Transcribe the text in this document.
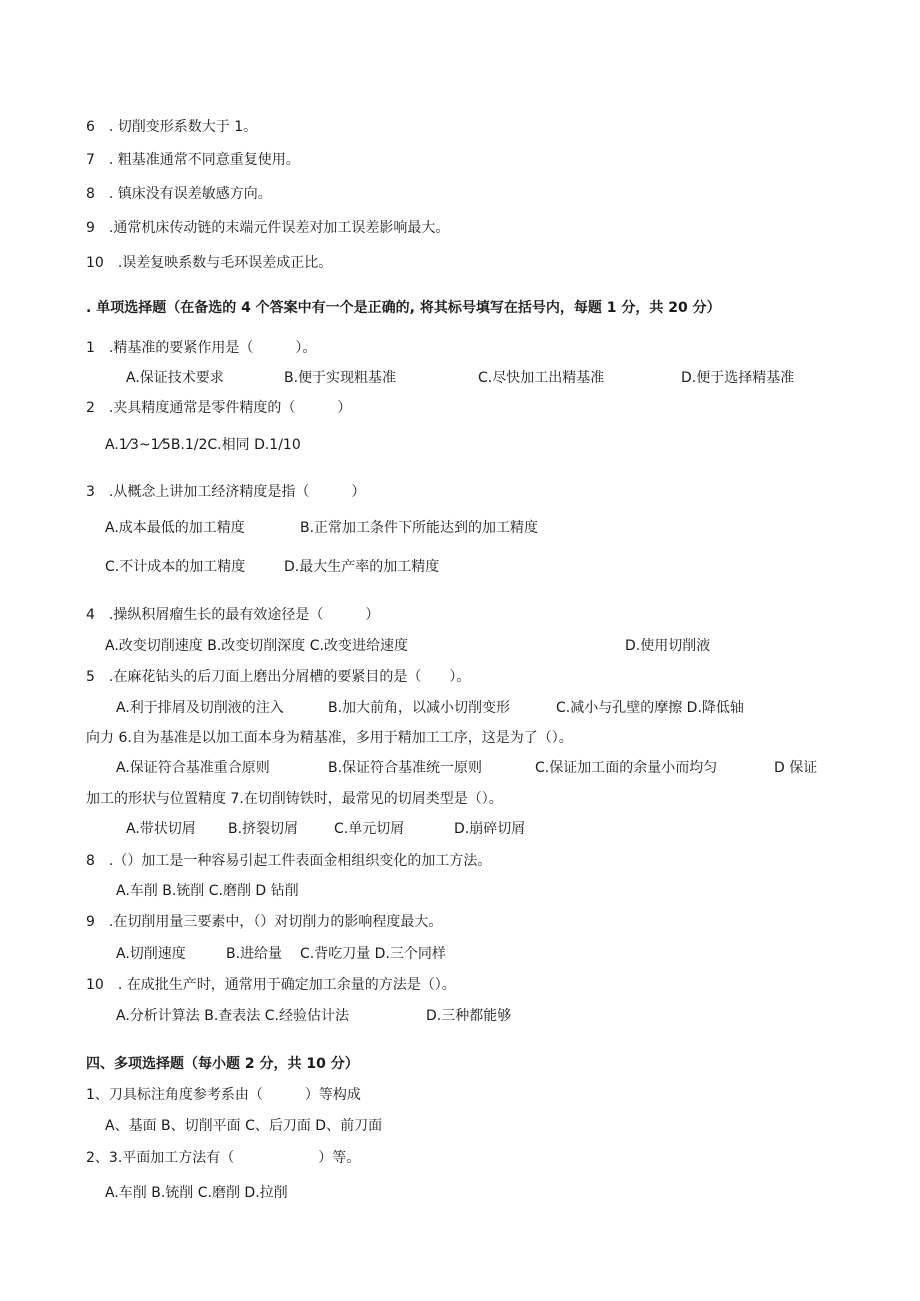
6　. 切削变形系数大于 1。
7　. 粗基准通常不同意重复使用。
8　. 镇床没有误差敏感方向。
9　.通常机床传动链的末端元件误差对加工误差影响最大。
10　.误差复映系数与毛环误差成正比。
. 单项选择题（在备选的 4 个答案中有一个是正确的, 将其标号填写在括号内，每题 1 分，共 20 分）
1　.精基准的要紧作用是（　　　）。
A.保证技术要求	B.便于实现粗基准	C.尽快加工出精基准	D.便于选择精基准
2　.夹具精度通常是零件精度的（　　　）
A.1⁄3~1⁄5B.1/2C.相同 D.1/10
3　.从概念上讲加工经济精度是指（　　　）
A.成本最低的加工精度	B.正常加工条件下所能达到的加工精度
C.不计成本的加工精度	D.最大生产率的加工精度
4　.操纵积屑瘤生长的最有效途径是（　　　）
A.改变切削速度 B.改变切削深度 C.改变进给速度	D.使用切削液
5　.在麻花钻头的后刀面上磨出分屑槽的要紧目的是（　　）。
A.利于排屑及切削液的注入	B.加大前角，以减小切削变形	C.减小与孔壁的摩擦 D.降低轴
向力 6.自为基准是以加工面本身为精基准，多用于精加工工序，这是为了（）。
A.保证符合基准重合原则	B.保证符合基准统一原则	C.保证加工面的余量小而均匀	D 保证
加工的形状与位置精度 7.在切削铸铁时，最常见的切屑类型是（）。
A.带状切屑 B.挤裂切屑	C.单元切屑	D.崩碎切屑
8　.（）加工是一种容易引起工件表面金相组织变化的加工方法。
A.车削 B.铳削 C.磨削 D 钻削
9　.在切削用量三要素中，（）对切削力的影响程度最大。
A.切削速度	B.进给量 C.背吃刀量 D.三个同样
10　. 在成批生产时，通常用于确定加工余量的方法是（）。
A.分析计算法 B.查表法 C.经验估计法	D.三种都能够
四、多项选择题（每小题 2 分，共 10 分）
1、刀具标注角度参考系由（　　　）等构成
A、基面 B、切削平面 C、后刀面 D、前刀面
2、3.平面加工方法有（　　　　　　）等。
A.车削 B.铳削 C.磨削 D.拉削
